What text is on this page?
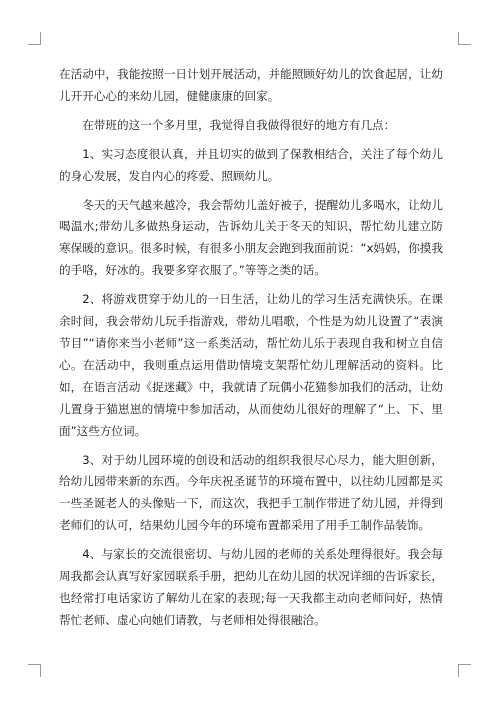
在活动中，我能按照一日计划开展活动，并能照顾好幼儿的饮食起居，让幼儿开开心心的来幼儿园，健健康康的回家。

在带班的这一个多月里，我觉得自我做得很好的地方有几点：

1、实习态度很认真，并且切实的做到了保教相结合，关注了每个幼儿的身心发展，发自内心的疼爱、照顾幼儿。

冬天的天气越来越冷，我会帮幼儿盖好被子，提醒幼儿多喝水，让幼儿喝温水;带幼儿多做热身运动，告诉幼儿关于冬天的知识，帮忙幼儿建立防寒保暖的意识。很多时候，有很多小朋友会跑到我面前说：“x妈妈，你摸我的手咯，好冰的。我要多穿衣服了。”等等之类的话。

2、将游戏贯穿于幼儿的一日生活，让幼儿的学习生活充满快乐。在课余时间，我会带幼儿玩手指游戏，带幼儿唱歌，个性是为幼儿设置了“表演节目”“请你来当小老师”这一系类活动，帮忙幼儿乐于表现自我和树立自信心。在活动中，我则重点运用借助情境支架帮忙幼儿理解活动的资料。比如，在语言活动《捉迷藏》中，我就请了玩偶小花猫参加我们的活动，让幼儿置身于猫崽崽的情境中参加活动，从而使幼儿很好的理解了“上、下、里面”这些方位词。

3、对于幼儿园环境的创设和活动的组织我很尽心尽力，能大胆创新，给幼儿园带来新的东西。今年庆祝圣诞节的环境布置中，以往幼儿园都是买一些圣诞老人的头像贴一下，而这次，我把手工制作带进了幼儿园，并得到老师们的认可，结果幼儿园今年的环境布置都采用了用手工制作品装饰。

4、与家长的交流很密切、与幼儿园的老师的关系处理得很好。我会每周我都会认真写好家园联系手册，把幼儿在幼儿园的状况详细的告诉家长，也经常打电话家访了解幼儿在家的表现;每一天我都主动向老师问好，热情帮忙老师、虚心向她们请教，与老师相处得很融洽。
